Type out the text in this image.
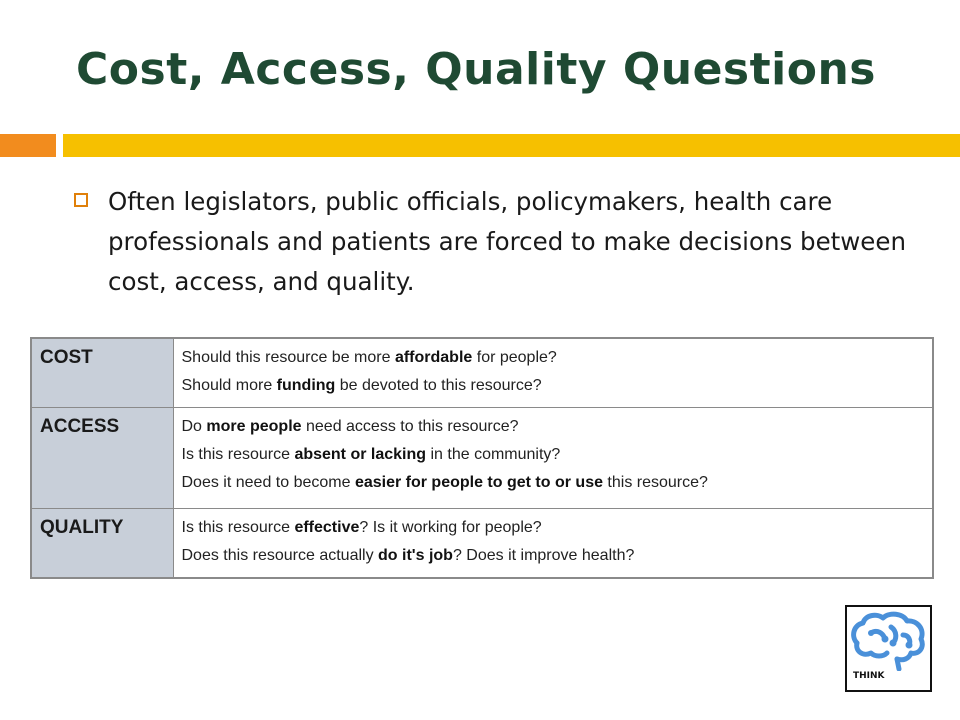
Cost, Access, Quality Questions
Often legislators, public officials, policymakers, health care professionals and patients are forced to make decisions between cost, access, and quality.
COST	Should this resource be more affordable for people?
Should more funding be devoted to this resource?

ACCESS	Do more people need access to this resource?
Is this resource absent or lacking in the community?
Does it need to become easier for people to get to or use this resource?

QUALITY	Is this resource effective? Is it working for people?
Does this resource actually do it's job? Does it improve health?
THINK
